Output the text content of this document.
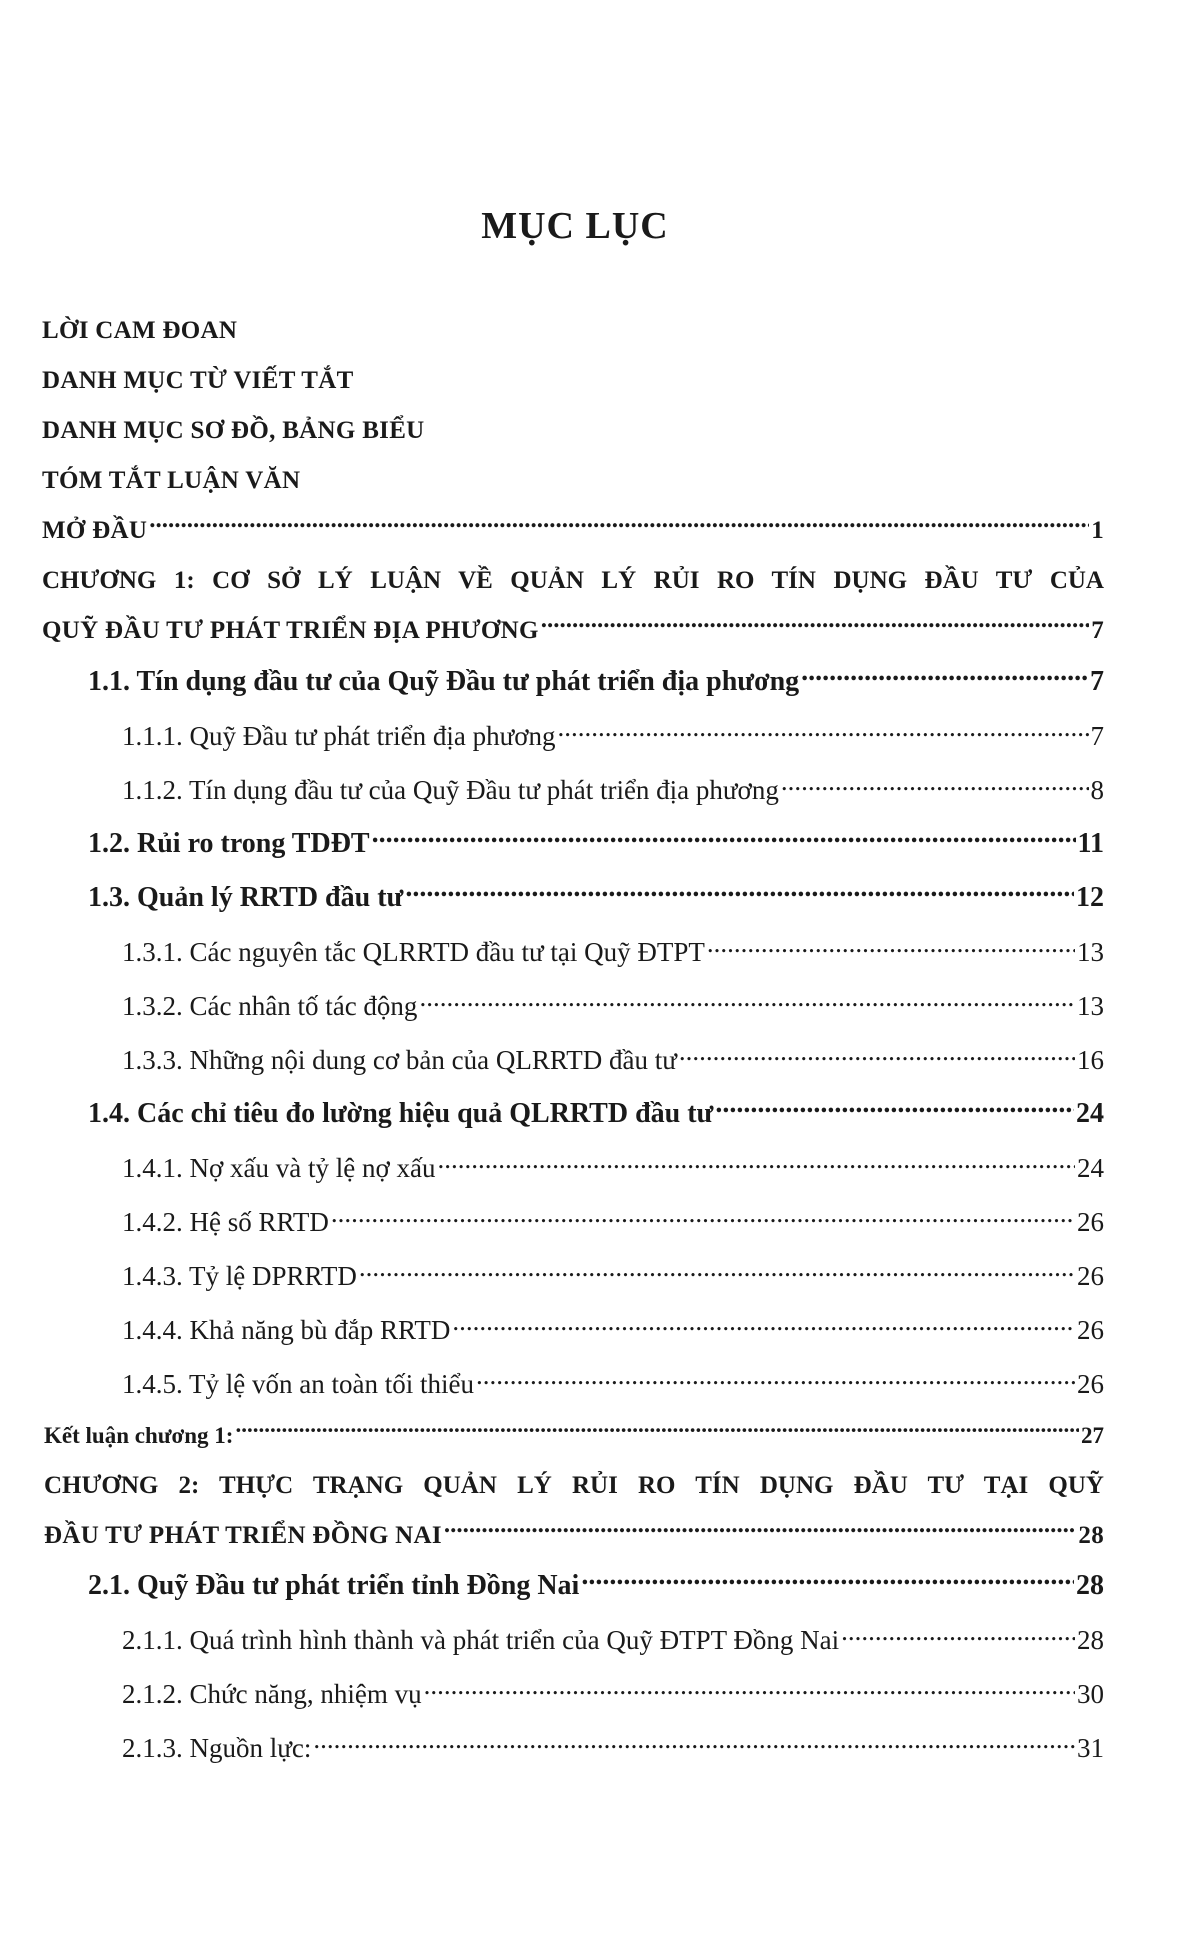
MỤC LỤC
LỜI CAM ĐOAN
DANH MỤC TỪ VIẾT TẮT
DANH MỤC SƠ ĐỒ, BẢNG BIỂU
TÓM TẮT LUẬN VĂN
MỞ ĐẦU .....	1
CHƯƠNG 1: CƠ SỞ LÝ LUẬN VỀ QUẢN LÝ RỦI RO TÍN DỤNG ĐẦU TƯ CỦA
QUỸ ĐẦU TƯ PHÁT TRIỂN ĐỊA PHƯƠNG .....	7
1.1. Tín dụng đầu tư của Quỹ Đầu tư phát triển địa phương .....	7
1.1.1. Quỹ Đầu tư phát triển địa phương .....	7
1.1.2. Tín dụng đầu tư của Quỹ Đầu tư phát triển địa phương .....	8
1.2. Rủi ro trong TDĐT .....	11
1.3. Quản lý RRTD đầu tư .....	12
1.3.1. Các nguyên tắc QLRRTD đầu tư tại Quỹ ĐTPT .....	13
1.3.2. Các nhân tố tác động .....	13
1.3.3. Những nội dung cơ bản của QLRRTD đầu tư .....	16
1.4. Các chỉ tiêu đo lường hiệu quả QLRRTD đầu tư .....	24
1.4.1. Nợ xấu và tỷ lệ nợ xấu .....	24
1.4.2. Hệ số RRTD .....	26
1.4.3. Tỷ lệ DPRRTD .....	26
1.4.4. Khả năng bù đắp RRTD .....	26
1.4.5. Tỷ lệ vốn an toàn tối thiểu .....	26
Kết luận chương 1: .....	27
CHƯƠNG 2: THỰC TRẠNG QUẢN LÝ RỦI RO TÍN DỤNG ĐẦU TƯ TẠI QUỸ
ĐẦU TƯ PHÁT TRIỂN ĐỒNG NAI .....	28
2.1. Quỹ Đầu tư phát triển tỉnh Đồng Nai .....	28
2.1.1. Quá trình hình thành và phát triển của Quỹ ĐTPT Đồng Nai .....	28
2.1.2. Chức năng, nhiệm vụ .....	30
2.1.3. Nguồn lực: .....	31
